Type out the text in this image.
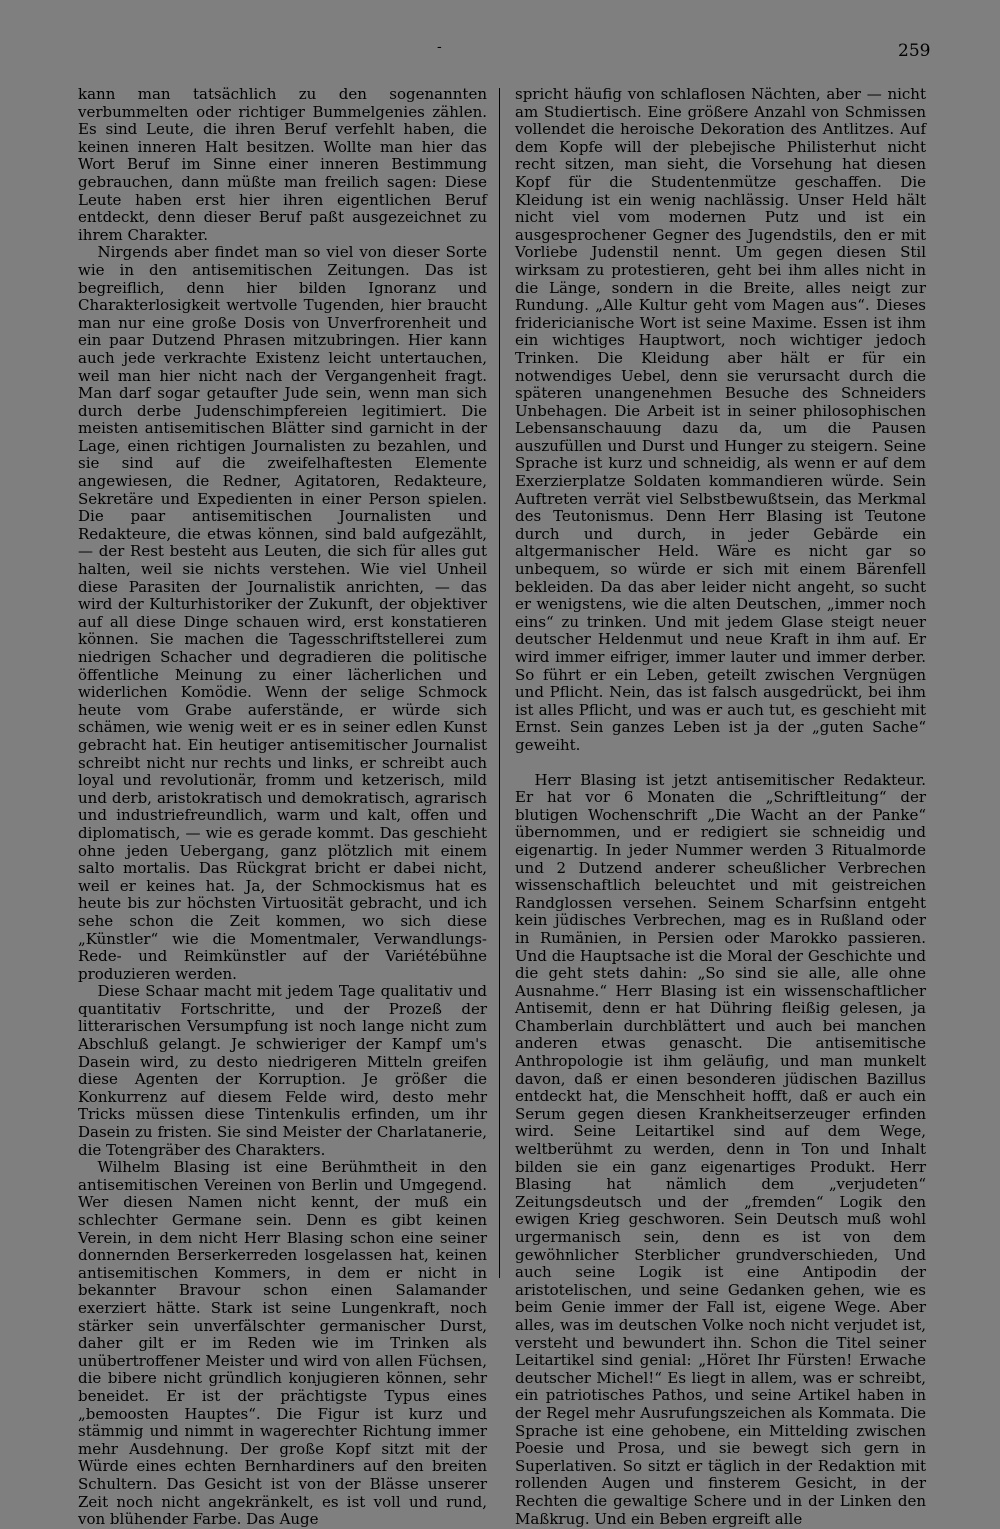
-	259

kann man tatsächlich zu den sogenannten verbummelten oder richtiger Bummelgenies zählen. Es sind Leute, die ihren Beruf verfehlt haben, die keinen inneren Halt besitzen. Wollte man hier das Wort Beruf im Sinne einer inneren Bestimmung gebrauchen, dann müßte man freilich sagen: Diese Leute haben erst hier ihren eigentlichen Beruf entdeckt, denn dieser Beruf paßt ausgezeichnet zu ihrem Charakter.

Nirgends aber findet man so viel von dieser Sorte wie in den antisemitischen Zeitungen. Das ist begreiflich, denn hier bilden Ignoranz und Charakterlosigkeit wertvolle Tugenden, hier braucht man nur eine große Dosis von Unverfrorenheit und ein paar Dutzend Phrasen mitzubringen. Hier kann auch jede verkrachte Existenz leicht untertauchen, weil man hier nicht nach der Vergangenheit fragt. Man darf sogar getaufter Jude sein, wenn man sich durch derbe Judenschimpfereien legitimiert. Die meisten antisemitischen Blätter sind garnicht in der Lage, einen richtigen Journalisten zu bezahlen, und sie sind auf die zweifelhaftesten Elemente angewiesen, die Redner, Agitatoren, Redakteure, Sekretäre und Expedienten in einer Person spielen. Die paar antisemitischen Journalisten und Redakteure, die etwas können, sind bald aufgezählt, — der Rest besteht aus Leuten, die sich für alles gut halten, weil sie nichts verstehen. Wie viel Unheil diese Parasiten der Journalistik anrichten, — das wird der Kulturhistoriker der Zukunft, der objektiver auf all diese Dinge schauen wird, erst konstatieren können. Sie machen die Tagesschriftstellerei zum niedrigen Schacher und degradieren die politische öffentliche Meinung zu einer lächerlichen und widerlichen Komödie. Wenn der selige Schmock heute vom Grabe auferstände, er würde sich schämen, wie wenig weit er es in seiner edlen Kunst gebracht hat. Ein heutiger antisemitischer Journalist schreibt nicht nur rechts und links, er schreibt auch loyal und revolutionär, fromm und ketzerisch, mild und derb, aristokratisch und demokratisch, agrarisch und industriefreundlich, warm und kalt, offen und diplomatisch, — wie es gerade kommt. Das geschieht ohne jeden Uebergang, ganz plötzlich mit einem salto mortalis. Das Rückgrat bricht er dabei nicht, weil er keines hat. Ja, der Schmockismus hat es heute bis zur höchsten Virtuosität gebracht, und ich sehe schon die Zeit kommen, wo sich diese „Künstler“ wie die Momentmaler, Verwandlungs-Rede- und Reimkünstler auf der Variétébühne produzieren werden.

Diese Schaar macht mit jedem Tage qualitativ und quantitativ Fortschritte, und der Prozeß der litterarischen Versumpfung ist noch lange nicht zum Abschluß gelangt. Je schwieriger der Kampf um's Dasein wird, zu desto niedrigeren Mitteln greifen diese Agenten der Korruption. Je größer die Konkurrenz auf diesem Felde wird, desto mehr Tricks müssen diese Tintenkulis erfinden, um ihr Dasein zu fristen. Sie sind Meister der Charlatanerie, die Totengräber des Charakters.

Wilhelm Blasing ist eine Berühmtheit in den antisemitischen Vereinen von Berlin und Umgegend. Wer diesen Namen nicht kennt, der muß ein schlechter Germane sein. Denn es gibt keinen Verein, in dem nicht Herr Blasing schon eine seiner donnernden Berserkerreden losgelassen hat, keinen antisemitischen Kommers, in dem er nicht in bekannter Bravour schon einen Salamander exerziert hätte. Stark ist seine Lungenkraft, noch stärker sein unverfälschter germanischer Durst, daher gilt er im Reden wie im Trinken als unübertroffener Meister und wird von allen Füchsen, die bibere nicht gründlich konjugieren können, sehr beneidet. Er ist der prächtigste Typus eines „bemoosten Hauptes“. Die Figur ist kurz und stämmig und nimmt in wagerechter Richtung immer mehr Ausdehnung. Der große Kopf sitzt mit der Würde eines echten Bernhardiners auf den breiten Schultern. Das Gesicht ist von der Blässe unserer Zeit noch nicht angekränkelt, es ist voll und rund, von blühender Farbe. Das Auge

spricht häufig von schlaflosen Nächten, aber — nicht am Studiertisch. Eine größere Anzahl von Schmissen vollendet die heroische Dekoration des Antlitzes. Auf dem Kopfe will der plebejische Philisterhut nicht recht sitzen, man sieht, die Vorsehung hat diesen Kopf für die Studentenmütze geschaffen. Die Kleidung ist ein wenig nachlässig. Unser Held hält nicht viel vom modernen Putz und ist ein ausgesprochener Gegner des Jugendstils, den er mit Vorliebe Judenstil nennt. Um gegen diesen Stil wirksam zu protestieren, geht bei ihm alles nicht in die Länge, sondern in die Breite, alles neigt zur Rundung. „Alle Kultur geht vom Magen aus“. Dieses fridericianische Wort ist seine Maxime. Essen ist ihm ein wichtiges Hauptwort, noch wichtiger jedoch Trinken. Die Kleidung aber hält er für ein notwendiges Uebel, denn sie verursacht durch die späteren unangenehmen Besuche des Schneiders Unbehagen. Die Arbeit ist in seiner philosophischen Lebensanschauung dazu da, um die Pausen auszufüllen und Durst und Hunger zu steigern. Seine Sprache ist kurz und schneidig, als wenn er auf dem Exerzierplatze Soldaten kommandieren würde. Sein Auftreten verrät viel Selbstbewußtsein, das Merkmal des Teutonismus. Denn Herr Blasing ist Teutone durch und durch, in jeder Gebärde ein altgermanischer Held. Wäre es nicht gar so unbequem, so würde er sich mit einem Bärenfell bekleiden. Da das aber leider nicht angeht, so sucht er wenigstens, wie die alten Deutschen, „immer noch eins“ zu trinken. Und mit jedem Glase steigt neuer deutscher Heldenmut und neue Kraft in ihm auf. Er wird immer eifriger, immer lauter und immer derber. So führt er ein Leben, geteilt zwischen Vergnügen und Pflicht. Nein, das ist falsch ausgedrückt, bei ihm ist alles Pflicht, und was er auch tut, es geschieht mit Ernst. Sein ganzes Leben ist ja der „guten Sache“ geweiht.

Herr Blasing ist jetzt antisemitischer Redakteur. Er hat vor 6 Monaten die „Schriftleitung“ der blutigen Wochenschrift „Die Wacht an der Panke“ übernommen, und er redigiert sie schneidig und eigenartig. In jeder Nummer werden 3 Ritualmorde und 2 Dutzend anderer scheußlicher Verbrechen wissenschaftlich beleuchtet und mit geistreichen Randglossen versehen. Seinem Scharfsinn entgeht kein jüdisches Verbrechen, mag es in Rußland oder in Rumänien, in Persien oder Marokko passieren. Und die Hauptsache ist die Moral der Geschichte und die geht stets dahin: „So sind sie alle, alle ohne Ausnahme.“ Herr Blasing ist ein wissenschaftlicher Antisemit, denn er hat Dühring fleißig gelesen, ja Chamberlain durchblättert und auch bei manchen anderen etwas genascht. Die antisemitische Anthropologie ist ihm geläufig, und man munkelt davon, daß er einen besonderen jüdischen Bazillus entdeckt hat, die Menschheit hofft, daß er auch ein Serum gegen diesen Krankheitserzeuger erfinden wird. Seine Leitartikel sind auf dem Wege, weltberühmt zu werden, denn in Ton und Inhalt bilden sie ein ganz eigenartiges Produkt. Herr Blasing hat nämlich dem „verjudeten“ Zeitungsdeutsch und der „fremden“ Logik den ewigen Krieg geschworen. Sein Deutsch muß wohl urgermanisch sein, denn es ist von dem gewöhnlicher Sterblicher grundverschieden, Und auch seine Logik ist eine Antipodin der aristotelischen, und seine Gedanken gehen, wie es beim Genie immer der Fall ist, eigene Wege. Aber alles, was im deutschen Volke noch nicht verjudet ist, versteht und bewundert ihn. Schon die Titel seiner Leitartikel sind genial: „Höret Ihr Fürsten! Erwache deutscher Michel!“ Es liegt in allem, was er schreibt, ein patriotisches Pathos, und seine Artikel haben in der Regel mehr Ausrufungszeichen als Kommata. Die Sprache ist eine gehobene, ein Mittelding zwischen Poesie und Prosa, und sie bewegt sich gern in Superlativen. So sitzt er täglich in der Redaktion mit rollenden Augen und finsterem Gesicht, in der Rechten die gewaltige Schere und in der Linken den Maßkrug. Und ein Beben ergreift alle
